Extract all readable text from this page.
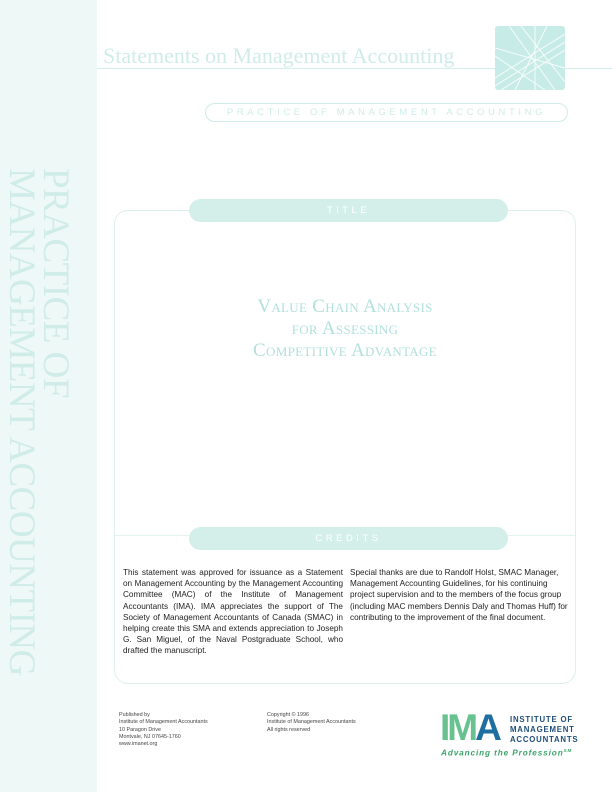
PRACTICE OF
MANAGEMENT ACCOUNTING
Statements on Management Accounting
PRACTICE OF MANAGEMENT ACCOUNTING
TITLE
Value Chain Analysis
for Assessing
Competitive Advantage
CREDITS

This statement was approved for issuance as a Statement on Management Accounting by the Management Accounting Committee (MAC) of the Institute of Management Accountants (IMA). IMA appreciates the support of The Society of Management Accountants of Canada (SMAC) in helping create this SMA and extends appreciation to Joseph G. San Miguel, of the Naval Postgraduate School, who drafted the manuscript.

Special thanks are due to Randolf Holst, SMAC Manager, Management Accounting Guidelines, for his continuing project supervision and to the members of the focus group (including MAC members Dennis Daly and Thomas Huff) for contributing to the improvement of the final document.

Published by
Institute of Management Accountants
10 Paragon Drive
Montvale, NJ 07645-1760
www.imanet.org
Copyright © 1996
Institute of Management Accountants
All rights reserved	IMA INSTITUTE OF
MANAGEMENT
ACCOUNTANTS
Advancing the Profession℠
